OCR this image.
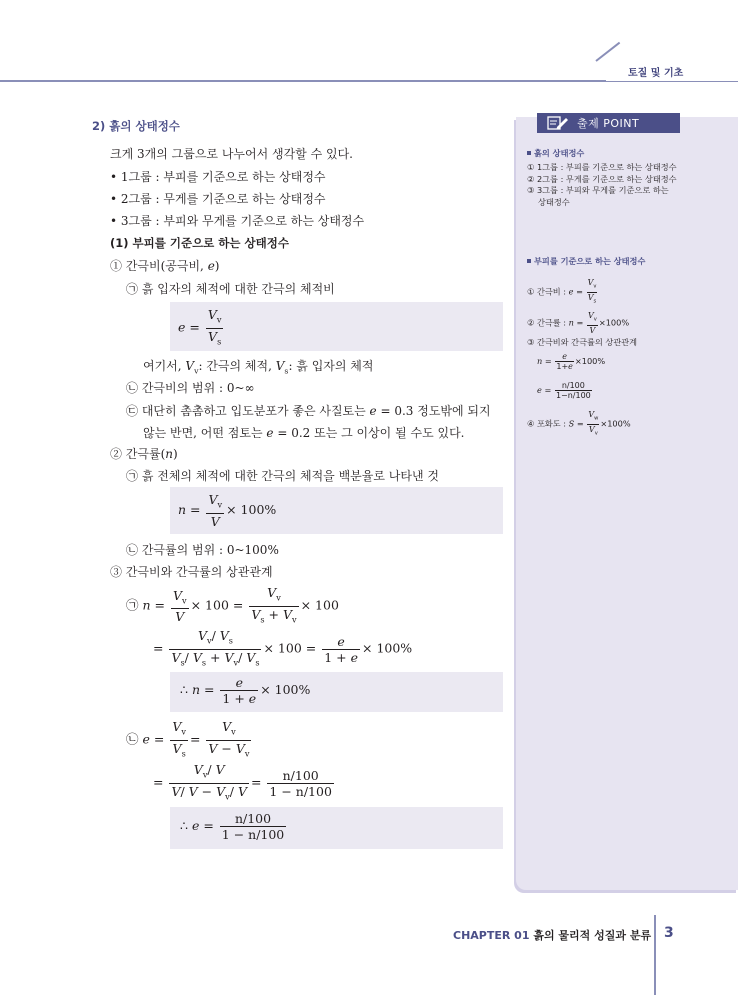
토질 및 기초
출제 POINT
흙의 상태정수
① 1그룹 : 부피를 기준으로 하는 상태정수
② 2그룹 : 무게를 기준으로 하는 상태정수
③ 3그룹 : 부피와 무게를 기준으로 하는
상태정수
부피를 기준으로 하는 상태정수
① 간극비 : $e = \frac{V_v}{V_s}$
② 간극률 : $n = \frac{V_v}{V} \times 100\%$
③ 간극비와 간극률의 상관관계
$n = \frac{e}{1+e} \times 100\%$
$e = \frac{n/100}{1-n/100}$
④ 포화도 : $S = \frac{V_w}{V_v} \times 100\%$
2) 흙의 상태정수
크게 3개의 그룹으로 나누어서 생각할 수 있다.
• 1그룹 : 부피를 기준으로 하는 상태정수
• 2그룹 : 무게를 기준으로 하는 상태정수
• 3그룹 : 부피와 무게를 기준으로 하는 상태정수
(1) 부피를 기준으로 하는 상태정수
① 간극비(공극비, e)
㉠ 흙 입자의 체적에 대한 간극의 체적비
$e = \frac{V_v}{V_s}$
여기서, $V_v$: 간극의 체적, $V_s$: 흙 입자의 체적
㉡ 간극비의 범위 : 0~∞
㉢ 대단히 촘촘하고 입도분포가 좋은 사질토는 e = 0.3 정도밖에 되지
않는 반면, 어떤 점토는 e = 0.2 또는 그 이상이 될 수도 있다.
② 간극률(n)
㉠ 흙 전체의 체적에 대한 간극의 체적을 백분율로 나타낸 것
$n = \frac{V_v}{V} \times 100\%$
㉡ 간극률의 범위 : 0~100%
③ 간극비와 간극률의 상관관계
㉠ $n = \frac{V_v}{V} \times 100 = \frac{V_v}{V_s + V_v} \times 100$
= $\frac{V_v/ V_s}{V_s/ V_s + V_v/ V_s} \times 100 = \frac{e}{1 + e} \times 100\%$
∴ $n = \frac{e}{1 + e} \times 100\%$
㉡ $e = \frac{V_v}{V_s} = \frac{V_v}{V - V_v}$
= $\frac{V_v/ V}{V/ V - V_v/ V} = \frac{n/100}{1 - n/100}$
∴ $e = \frac{n/100}{1 - n/100}$
CHAPTER 01 흙의 물리적 성질과 분류 3
